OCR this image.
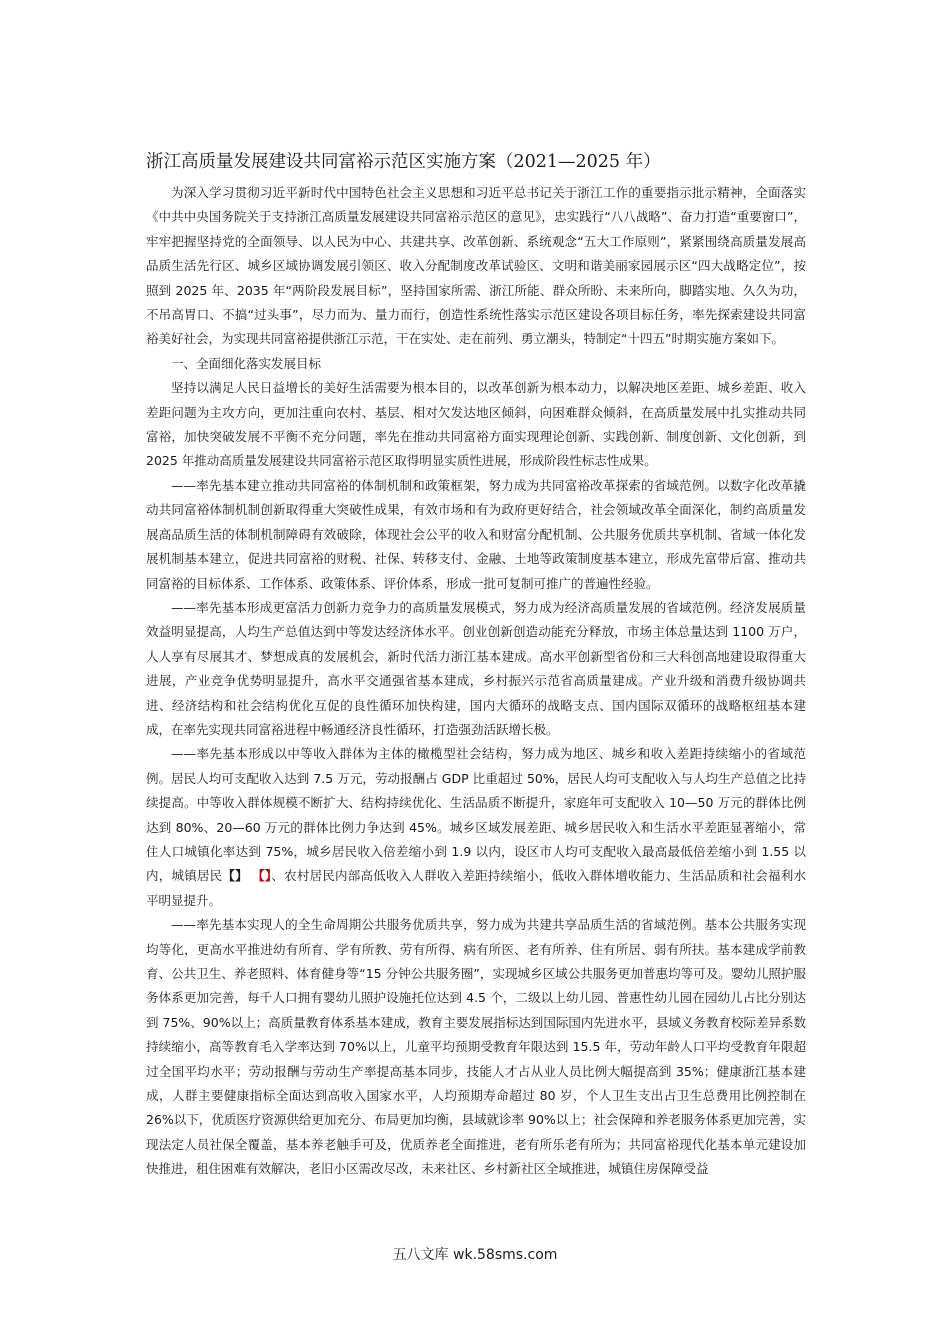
浙江高质量发展建设共同富裕示范区实施方案（2021—2025 年）

为深入学习贯彻习近平新时代中国特色社会主义思想和习近平总书记关于浙江工作的重要指示批示精神，全面落实《中共中央国务院关于支持浙江高质量发展建设共同富裕示范区的意见》，忠实践行“八八战略”、奋力打造“重要窗口”，牢牢把握坚持党的全面领导、以人民为中心、共建共享、改革创新、系统观念“五大工作原则”，紧紧围绕高质量发展高品质生活先行区、城乡区域协调发展引领区、收入分配制度改革试验区、文明和谐美丽家园展示区“四大战略定位”，按照到 2025 年、2035 年“两阶段发展目标”，坚持国家所需、浙江所能、群众所盼、未来所向，脚踏实地、久久为功，不吊高胃口、不搞“过头事”，尽力而为、量力而行，创造性系统性落实示范区建设各项目标任务，率先探索建设共同富裕美好社会，为实现共同富裕提供浙江示范，干在实处、走在前列、勇立潮头，特制定“十四五”时期实施方案如下。

一、全面细化落实发展目标

坚持以满足人民日益增长的美好生活需要为根本目的，以改革创新为根本动力，以解决地区差距、城乡差距、收入差距问题为主攻方向，更加注重向农村、基层、相对欠发达地区倾斜，向困难群众倾斜，在高质量发展中扎实推动共同富裕，加快突破发展不平衡不充分问题，率先在推动共同富裕方面实现理论创新、实践创新、制度创新、文化创新，到 2025 年推动高质量发展建设共同富裕示范区取得明显实质性进展，形成阶段性标志性成果。

——率先基本建立推动共同富裕的体制机制和政策框架，努力成为共同富裕改革探索的省域范例。以数字化改革撬动共同富裕体制机制创新取得重大突破性成果，有效市场和有为政府更好结合，社会领域改革全面深化，制约高质量发展高品质生活的体制机制障碍有效破除，体现社会公平的收入和财富分配机制、公共服务优质共享机制、省域一体化发展机制基本建立，促进共同富裕的财税、社保、转移支付、金融、土地等政策制度基本建立，形成先富带后富、推动共同富裕的目标体系、工作体系、政策体系、评价体系，形成一批可复制可推广的普遍性经验。

——率先基本形成更富活力创新力竞争力的高质量发展模式，努力成为经济高质量发展的省域范例。经济发展质量效益明显提高，人均生产总值达到中等发达经济体水平。创业创新创造动能充分释放，市场主体总量达到 1100 万户，人人享有尽展其才、梦想成真的发展机会，新时代活力浙江基本建成。高水平创新型省份和三大科创高地建设取得重大进展，产业竞争优势明显提升，高水平交通强省基本建成，乡村振兴示范省高质量建成。产业升级和消费升级协调共进、经济结构和社会结构优化互促的良性循环加快构建，国内大循环的战略支点、国内国际双循环的战略枢纽基本建成，在率先实现共同富裕进程中畅通经济良性循环，打造强劲活跃增长极。

——率先基本形成以中等收入群体为主体的橄榄型社会结构，努力成为地区、城乡和收入差距持续缩小的省域范例。居民人均可支配收入达到 7.5 万元，劳动报酬占 GDP 比重超过 50%，居民人均可支配收入与人均生产总值之比持续提高。中等收入群体规模不断扩大、结构持续优化、生活品质不断提升，家庭年可支配收入 10—50 万元的群体比例达到 80%、20—60 万元的群体比例力争达到 45%。城乡区域发展差距、城乡居民收入和生活水平差距显著缩小，常住人口城镇化率达到 75%，城乡居民收入倍差缩小到 1.9 以内，设区市人均可支配收入最高最低倍差缩小到 1.55 以内，城镇居民【】 【】、农村居民内部高低收入人群收入差距持续缩小，低收入群体增收能力、生活品质和社会福利水平明显提升。

——率先基本实现人的全生命周期公共服务优质共享，努力成为共建共享品质生活的省域范例。基本公共服务实现均等化，更高水平推进幼有所育、学有所教、劳有所得、病有所医、老有所养、住有所居、弱有所扶。基本建成学前教育、公共卫生、养老照料、体育健身等“15 分钟公共服务圈”，实现城乡区域公共服务更加普惠均等可及。婴幼儿照护服务体系更加完善，每千人口拥有婴幼儿照护设施托位达到 4.5 个，二级以上幼儿园、普惠性幼儿园在园幼儿占比分别达到 75%、90%以上；高质量教育体系基本建成，教育主要发展指标达到国际国内先进水平，县域义务教育校际差异系数持续缩小，高等教育毛入学率达到 70%以上，儿童平均预期受教育年限达到 15.5 年，劳动年龄人口平均受教育年限超过全国平均水平；劳动报酬与劳动生产率提高基本同步，技能人才占从业人员比例大幅提高到 35%；健康浙江基本建成，人群主要健康指标全面达到高收入国家水平，人均预期寿命超过 80 岁，个人卫生支出占卫生总费用比例控制在 26%以下，优质医疗资源供给更加充分、布局更加均衡，县域就诊率 90%以上；社会保障和养老服务体系更加完善，实现法定人员社保全覆盖，基本养老触手可及，优质养老全面推进，老有所乐老有所为；共同富裕现代化基本单元建设加快推进，租住困难有效解决，老旧小区需改尽改，未来社区、乡村新社区全域推进，城镇住房保障受益

五八文库 wk.58sms.com
